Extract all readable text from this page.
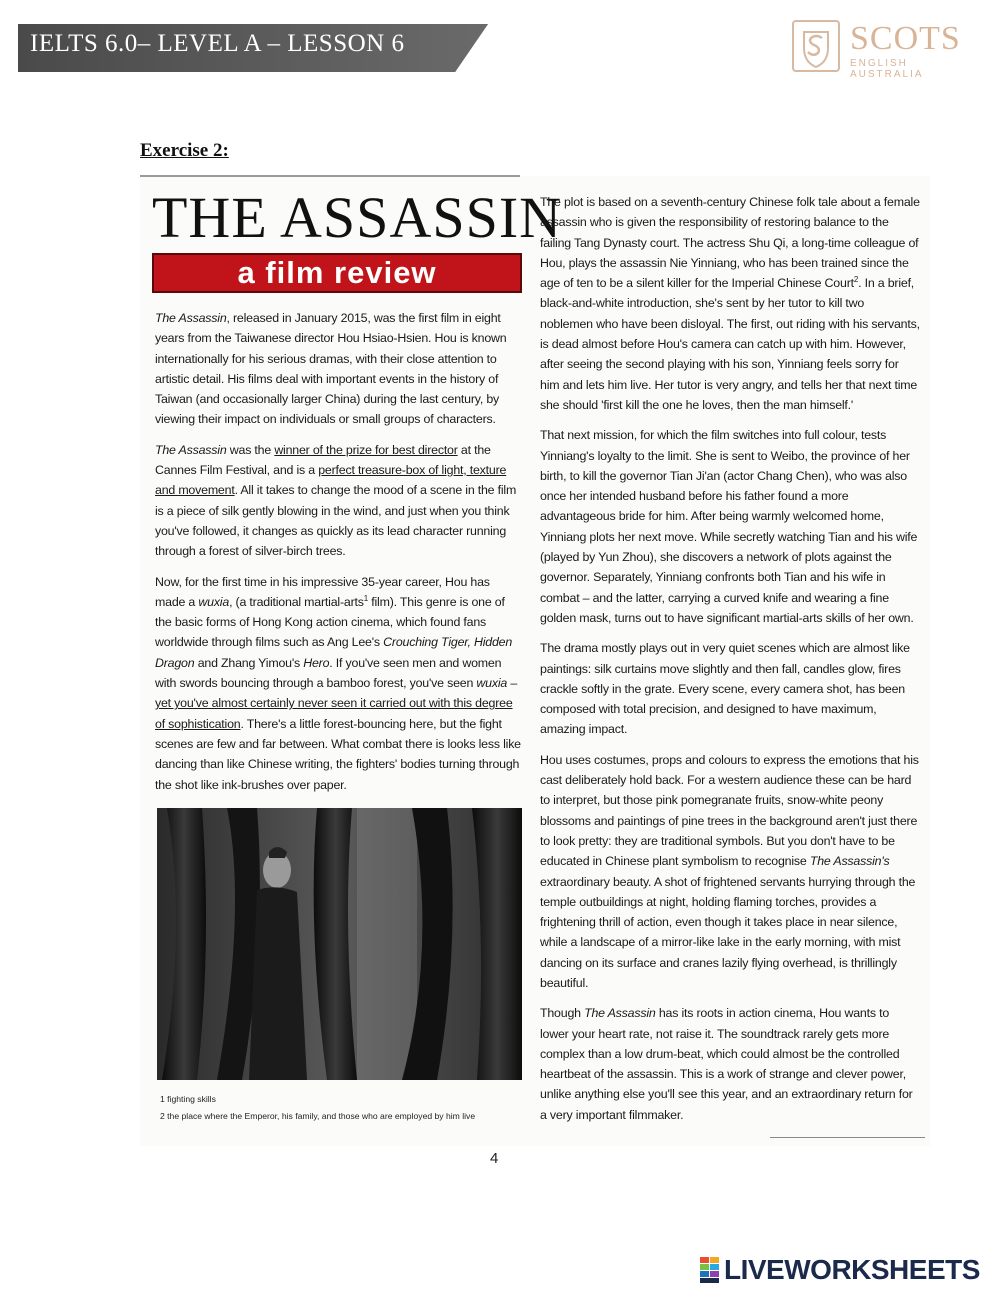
IELTS 6.0– LEVEL A – LESSON 6	SCOTS
ENGLISH AUSTRALIA
Exercise 2:
THE ASSASSIN
a film review

The Assassin, released in January 2015, was the first film in eight years from the Taiwanese director Hou Hsiao-Hsien. Hou is known internationally for his serious dramas, with their close attention to artistic detail. His films deal with important events in the history of Taiwan (and occasionally larger China) during the last century, by viewing their impact on individuals or small groups of characters.

The Assassin was the winner of the prize for best director at the Cannes Film Festival, and is a perfect treasure-box of light, texture and movement. All it takes to change the mood of a scene in the film is a piece of silk gently blowing in the wind, and just when you think you've followed, it changes as quickly as its lead character running through a forest of silver-birch trees.

Now, for the first time in his impressive 35-year career, Hou has made a wuxia, (a traditional martial-arts$^1$ film). This genre is one of the basic forms of Hong Kong action cinema, which found fans worldwide through films such as Ang Lee's Crouching Tiger, Hidden Dragon and Zhang Yimou's Hero. If you've seen men and women with swords bouncing through a bamboo forest, you've seen wuxia – yet you've almost certainly never seen it carried out with this degree of sophistication. There's a little forest-bouncing here, but the fight scenes are few and far between. What combat there is looks less like dancing than like Chinese writing, the fighters' bodies turning through the shot like ink-brushes over paper.

The plot is based on a seventh-century Chinese folk tale about a female assassin who is given the responsibility of restoring balance to the failing Tang Dynasty court. The actress Shu Qi, a long-time colleague of Hou, plays the assassin Nie Yinniang, who has been trained since the age of ten to be a silent killer for the Imperial Chinese Court$^2$. In a brief, black-and-white introduction, she's sent by her tutor to kill two noblemen who have been disloyal. The first, out riding with his servants, is dead almost before Hou's camera can catch up with him. However, after seeing the second playing with his son, Yinniang feels sorry for him and lets him live. Her tutor is very angry, and tells her that next time she should 'first kill the one he loves, then the man himself.'

That next mission, for which the film switches into full colour, tests Yinniang's loyalty to the limit. She is sent to Weibo, the province of her birth, to kill the governor Tian Ji'an (actor Chang Chen), who was also once her intended husband before his father found a more advantageous bride for him. After being warmly welcomed home, Yinniang plots her next move. While secretly watching Tian and his wife (played by Yun Zhou), she discovers a network of plots against the governor. Separately, Yinniang confronts both Tian and his wife in combat – and the latter, carrying a curved knife and wearing a fine golden mask, turns out to have significant martial-arts skills of her own.

The drama mostly plays out in very quiet scenes which are almost like paintings: silk curtains move slightly and then fall, candles glow, fires crackle softly in the grate. Every scene, every camera shot, has been composed with total precision, and designed to have maximum, amazing impact.

Hou uses costumes, props and colours to express the emotions that his cast deliberately hold back. For a western audience these can be hard to interpret, but those pink pomegranate fruits, snow-white peony blossoms and paintings of pine trees in the background aren't just there to look pretty: they are traditional symbols. But you don't have to be educated in Chinese plant symbolism to recognise The Assassin's extraordinary beauty. A shot of frightened servants hurrying through the temple outbuildings at night, holding flaming torches, provides a frightening thrill of action, even though it takes place in near silence, while a landscape of a mirror-like lake in the early morning, with mist dancing on its surface and cranes lazily flying overhead, is thrillingly beautiful.

Though The Assassin has its roots in action cinema, Hou wants to lower your heart rate, not raise it. The soundtrack rarely gets more complex than a low drum-beat, which could almost be the controlled heartbeat of the assassin. This is a work of strange and clever power, unlike anything else you'll see this year, and an extraordinary return for a very important filmmaker.

1 fighting skills
2 the place where the Emperor, his family, and those who are employed by him live
4
LIVEWORKSHEETS
